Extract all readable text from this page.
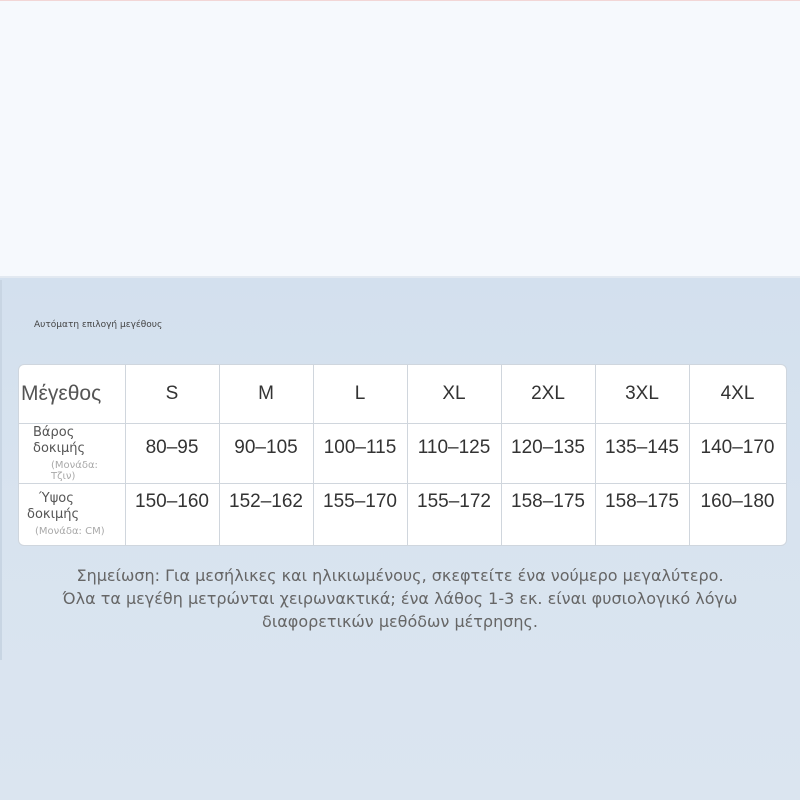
Αυτόματη επιλογή μεγέθους
Μέγεθος	S	M	L	XL	2XL	3XL	4XL
Βάρος
δοκιμής
(Μονάδα: Τζιν)
80–95	90–105	100–115	110–125	120–135	135–145	140–170
Ύψος
δοκιμής
(Μονάδα: CM)
150–160	152–162	155–170	155–172	158–175	158–175	160–180
Σημείωση: Για μεσήλικες και ηλικιωμένους, σκεφτείτε ένα νούμερο μεγαλύτερο.
Όλα τα μεγέθη μετρώνται χειρωνακτικά; ένα λάθος 1-3 εκ. είναι φυσιολογικό λόγω
διαφορετικών μεθόδων μέτρησης.
